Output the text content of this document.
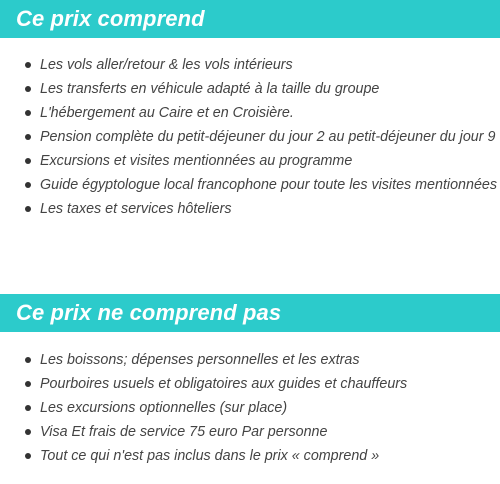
Ce prix comprend
Les vols aller/retour & les vols intérieurs
Les transferts en véhicule adapté à la taille du groupe
L'hébergement au Caire et en Croisière.
Pension complète du petit-déjeuner du jour 2 au petit-déjeuner du jour 9
Excursions et visites mentionnées au programme
Guide égyptologue local francophone pour toute les visites mentionnées
Les taxes et services hôteliers
Ce prix ne comprend pas
Les boissons; dépenses personnelles et les extras
Pourboires usuels et obligatoires aux guides et chauffeurs
Les excursions optionnelles (sur place)
Visa Et frais de service 75 euro Par personne
Tout ce qui n'est pas inclus dans le prix « comprend »
